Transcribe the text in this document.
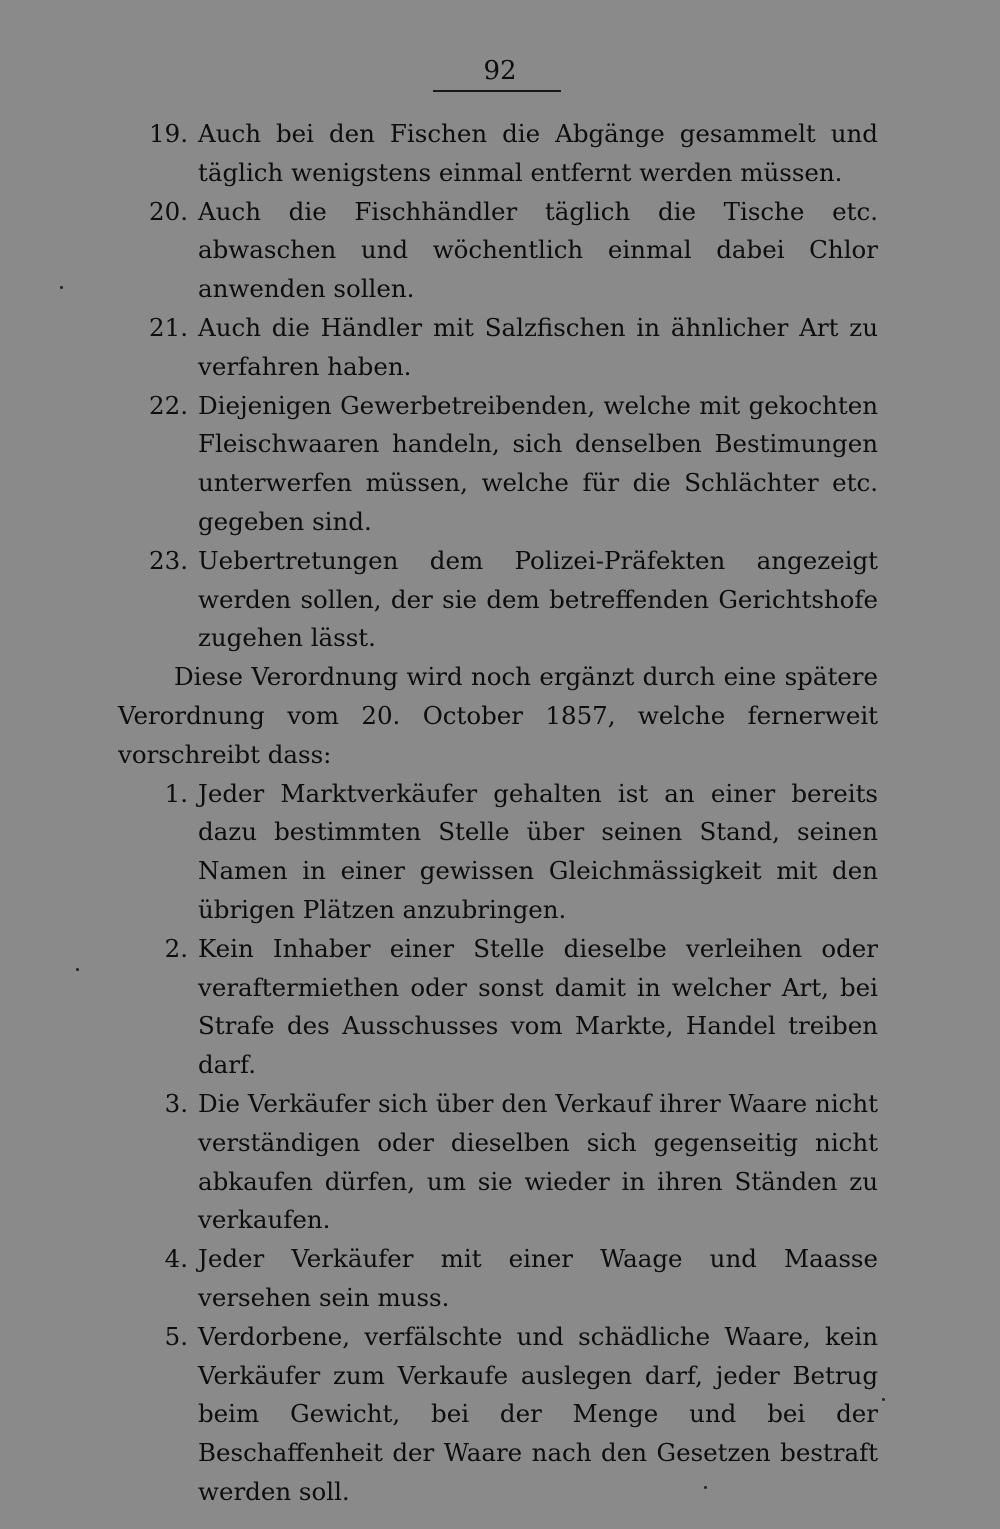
92
19. Auch bei den Fischen die Abgänge gesammelt und täglich wenigstens einmal entfernt werden müssen.
20. Auch die Fischhändler täglich die Tische etc. abwaschen und wöchentlich einmal dabei Chlor anwenden sollen.
21. Auch die Händler mit Salzfischen in ähnlicher Art zu verfahren haben.
22. Diejenigen Gewerbetreibenden, welche mit gekochten Fleischwaaren handeln, sich denselben Bestimungen unterwerfen müssen, welche für die Schlächter etc. gegeben sind.
23. Uebertretungen dem Polizei-Präfekten angezeigt werden sollen, der sie dem betreffenden Gerichtshofe zugehen lässt.

Diese Verordnung wird noch ergänzt durch eine spätere Verordnung vom 20. October 1857, welche fernerweit vorschreibt dass:

1. Jeder Marktverkäufer gehalten ist an einer bereits dazu bestimmten Stelle über seinen Stand, seinen Namen in einer gewissen Gleichmässigkeit mit den übrigen Plätzen anzubringen.
2. Kein Inhaber einer Stelle dieselbe verleihen oder veraftermiethen oder sonst damit in welcher Art, bei Strafe des Ausschusses vom Markte, Handel treiben darf.
3. Die Verkäufer sich über den Verkauf ihrer Waare nicht verständigen oder dieselben sich gegenseitig nicht abkaufen dürfen, um sie wieder in ihren Ständen zu verkaufen.
4. Jeder Verkäufer mit einer Waage und Maasse versehen sein muss.
5. Verdorbene, verfälschte und schädliche Waare, kein Verkäufer zum Verkaufe auslegen darf, jeder Betrug beim Gewicht, bei der Menge und bei der Beschaffenheit der Waare nach den Gesetzen bestraft werden soll.
